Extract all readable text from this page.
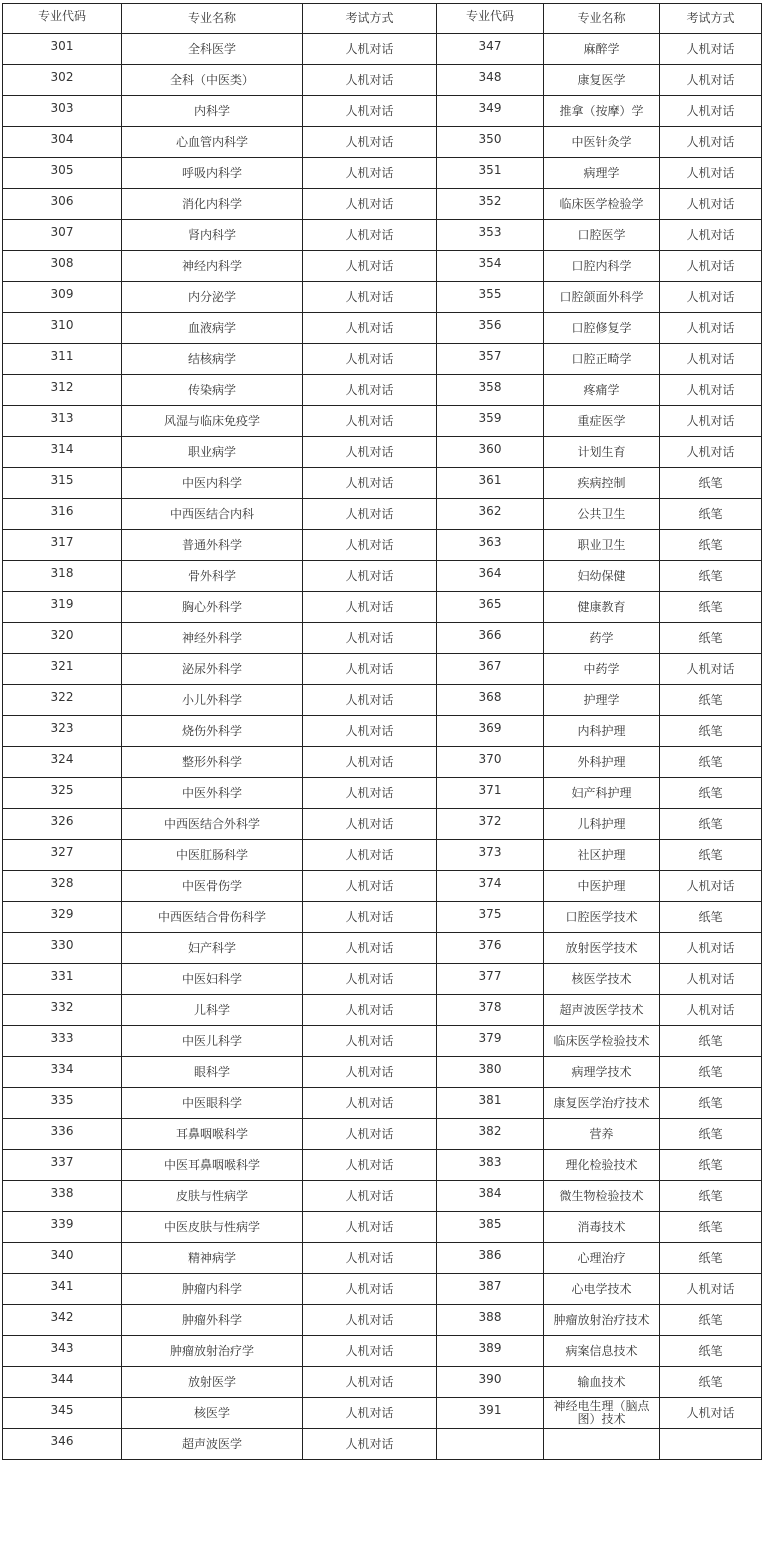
专业代码	专业名称	考试方式	专业代码	专业名称	考试方式
301	全科医学	人机对话	347	麻醉学	人机对话
302	全科（中医类）	人机对话	348	康复医学	人机对话
303	内科学	人机对话	349	推拿（按摩）学	人机对话
304	心血管内科学	人机对话	350	中医针灸学	人机对话
305	呼吸内科学	人机对话	351	病理学	人机对话
306	消化内科学	人机对话	352	临床医学检验学	人机对话
307	肾内科学	人机对话	353	口腔医学	人机对话
308	神经内科学	人机对话	354	口腔内科学	人机对话
309	内分泌学	人机对话	355	口腔颌面外科学	人机对话
310	血液病学	人机对话	356	口腔修复学	人机对话
311	结核病学	人机对话	357	口腔正畸学	人机对话
312	传染病学	人机对话	358	疼痛学	人机对话
313	风湿与临床免疫学	人机对话	359	重症医学	人机对话
314	职业病学	人机对话	360	计划生育	人机对话
315	中医内科学	人机对话	361	疾病控制	纸笔
316	中西医结合内科	人机对话	362	公共卫生	纸笔
317	普通外科学	人机对话	363	职业卫生	纸笔
318	骨外科学	人机对话	364	妇幼保健	纸笔
319	胸心外科学	人机对话	365	健康教育	纸笔
320	神经外科学	人机对话	366	药学	纸笔
321	泌尿外科学	人机对话	367	中药学	人机对话
322	小儿外科学	人机对话	368	护理学	纸笔
323	烧伤外科学	人机对话	369	内科护理	纸笔
324	整形外科学	人机对话	370	外科护理	纸笔
325	中医外科学	人机对话	371	妇产科护理	纸笔
326	中西医结合外科学	人机对话	372	儿科护理	纸笔
327	中医肛肠科学	人机对话	373	社区护理	纸笔
328	中医骨伤学	人机对话	374	中医护理	人机对话
329	中西医结合骨伤科学	人机对话	375	口腔医学技术	纸笔
330	妇产科学	人机对话	376	放射医学技术	人机对话
331	中医妇科学	人机对话	377	核医学技术	人机对话
332	儿科学	人机对话	378	超声波医学技术	人机对话
333	中医儿科学	人机对话	379	临床医学检验技术	纸笔
334	眼科学	人机对话	380	病理学技术	纸笔
335	中医眼科学	人机对话	381	康复医学治疗技术	纸笔
336	耳鼻咽喉科学	人机对话	382	营养	纸笔
337	中医耳鼻咽喉科学	人机对话	383	理化检验技术	纸笔
338	皮肤与性病学	人机对话	384	微生物检验技术	纸笔
339	中医皮肤与性病学	人机对话	385	消毒技术	纸笔
340	精神病学	人机对话	386	心理治疗	纸笔
341	肿瘤内科学	人机对话	387	心电学技术	人机对话
342	肿瘤外科学	人机对话	388	肿瘤放射治疗技术	纸笔
343	肿瘤放射治疗学	人机对话	389	病案信息技术	纸笔
344	放射医学	人机对话	390	输血技术	纸笔
345	核医学	人机对话	391	神经电生理（脑点图）技术	人机对话
346	超声波医学	人机对话			
